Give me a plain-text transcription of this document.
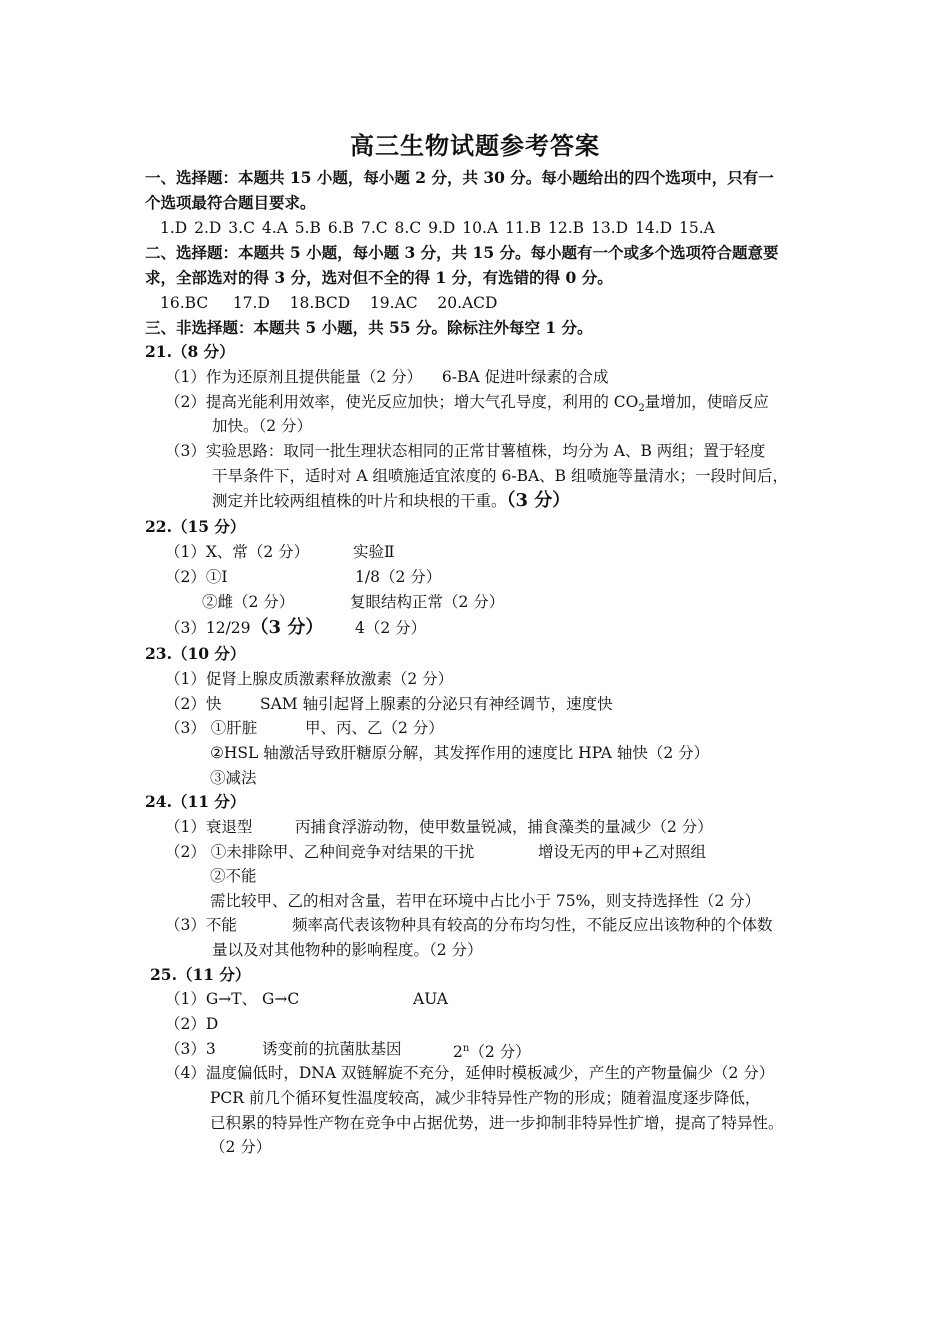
高三生物试题参考答案
一、选择题：本题共 15 小题，每小题 2 分，共 30 分。每小题给出的四个选项中，只有一
个选项最符合题目要求。
1.D 2.D 3.C 4.A 5.B 6.B 7.C 8.C 9.D 10.A 11.B 12.B 13.D 14.D 15.A
二、选择题：本题共 5 小题，每小题 3 分，共 15 分。每小题有一个或多个选项符合题意要
求，全部选对的得 3 分，选对但不全的得 1 分，有选错的得 0 分。
16.BC     17.D    18.BCD    19.AC    20.ACD
三、非选择题：本题共 5 小题，共 55 分。除标注外每空 1 分。
21.（8 分）
（1）作为还原剂且提供能量（2 分）    6-BA 促进叶绿素的合成
（2）提高光能利用效率，使光反应加快；增大气孔导度，利用的 $CO_2$量增加，使暗反应
加快。（2 分）
（3）实验思路：取同一批生理状态相同的正常甘薯植株，均分为 A、B 两组；置于轻度
干旱条件下，适时对 A 组喷施适宜浓度的 6-BA、B 组喷施等量清水；一段时间后，
测定并比较两组植株的叶片和块根的干重。（3 分）
22.（15 分）
（1）X、常（2 分）	实验Ⅱ
（2）①Ⅰ	1/8（2 分）
②雌（2 分）	复眼结构正常（2 分）
（3）12/29（3 分） 4（2 分）
23.（10 分）
（1）促肾上腺皮质激素释放激素（2 分）
（2）快 SAM 轴引起肾上腺素的分泌只有神经调节，速度快
（3） ①肝脏	甲、丙、乙（2 分）
②HSL 轴激活导致肝糖原分解，其发挥作用的速度比 HPA 轴快（2 分）
③减法
24.（11 分）
（1）衰退型	丙捕食浮游动物，使甲数量锐减，捕食藻类的量减少（2 分）
（2） ①未排除甲、乙种间竞争对结果的干扰	增设无丙的甲+乙对照组
②不能
需比较甲、乙的相对含量，若甲在环境中占比小于 75%，则支持选择性（2 分）
（3）不能	频率高代表该物种具有较高的分布均匀性，不能反应出该物种的个体数
量以及对其他物种的影响程度。（2 分）
25.（11 分）
（1）G→T、 G→C	AUA
（2）D
（3）3	诱变前的抗菌肽基因	2$^n$（2 分）
（4）温度偏低时，DNA 双链解旋不充分，延伸时模板减少，产生的产物量偏少（2 分）
PCR 前几个循环复性温度较高，减少非特异性产物的形成；随着温度逐步降低，
已积累的特异性产物在竞争中占据优势，进一步抑制非特异性扩增，提高了特异性。
（2 分）
